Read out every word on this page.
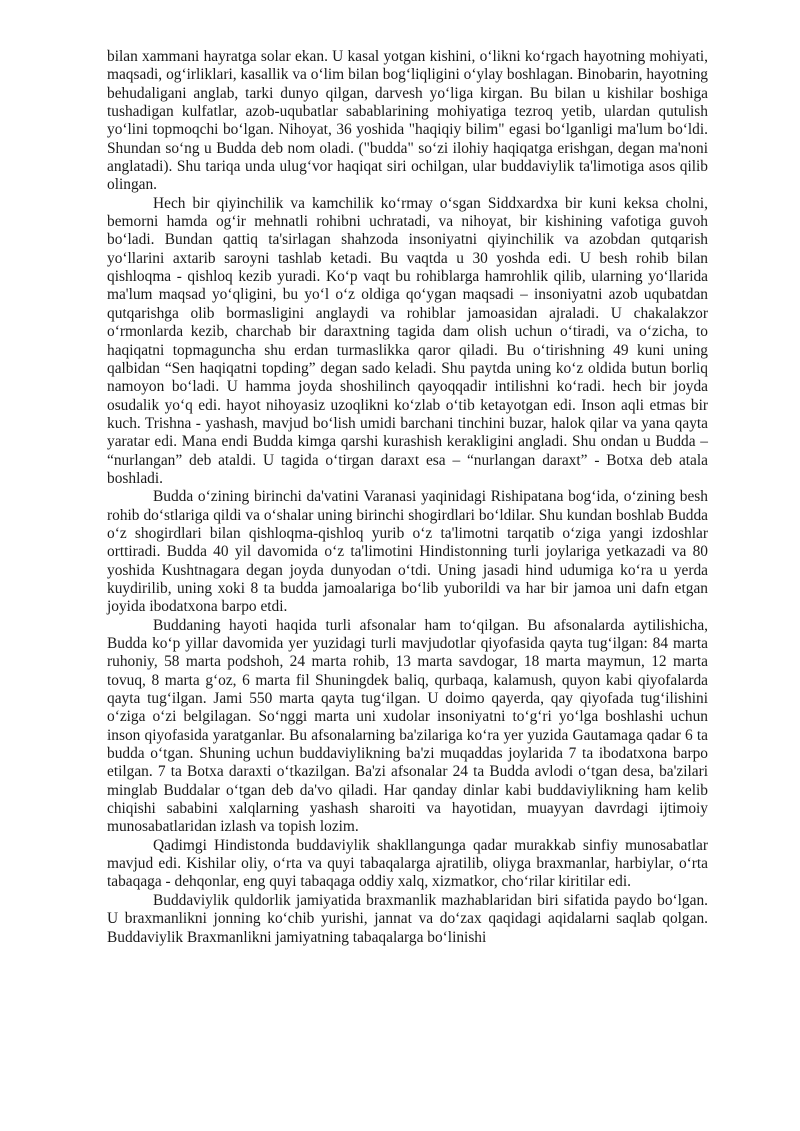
bilan xammani hayratga solar ekan. U kasal yotgan kishini, o‘likni ko‘rgach hayotning mohiyati, maqsadi, og‘irliklari, kasallik va o‘lim bilan bog‘liqligini o‘ylay boshlagan. Binobarin, hayotning behudaligani anglab, tarki dunyo qilgan, darvesh yo‘liga kirgan. Bu bilan u kishilar boshiga tushadigan kulfatlar, azob-uqubatlar sabablarining mohiyatiga tezroq yetib, ulardan qutulish yo‘lini topmoqchi bo‘lgan. Nihoyat, 36 yoshida "haqiqiy bilim" egasi bo‘lganligi ma'lum bo‘ldi. Shundan so‘ng u Budda deb nom oladi. ("budda" so‘zi ilohiy haqiqatga erishgan, degan ma'noni anglatadi). Shu tariqa unda ulug‘vor haqiqat siri ochilgan, ular buddaviylik ta'limotiga asos qilib olingan.

Hech bir qiyinchilik va kamchilik ko‘rmay o‘sgan Siddxardxa bir kuni keksa cholni, bemorni hamda og‘ir mehnatli rohibni uchratadi, va nihoyat, bir kishining vafotiga guvoh bo‘ladi. Bundan qattiq ta'sirlagan shahzoda insoniyatni qiyinchilik va azobdan qutqarish yo‘llarini axtarib saroyni tashlab ketadi. Bu vaqtda u 30 yoshda edi. U besh rohib bilan qishloqma - qishloq kezib yuradi. Ko‘p vaqt bu rohiblarga hamrohlik qilib, ularning yo‘llarida ma'lum maqsad yo‘qligini, bu yo‘l o‘z oldiga qo‘ygan maqsadi – insoniyatni azob uqubatdan qutqarishga olib bormasligini anglaydi va rohiblar jamoasidan ajraladi. U chakalakzor o‘rmonlarda kezib, charchab bir daraxtning tagida dam olish uchun o‘tiradi, va o‘zicha, to haqiqatni topmaguncha shu erdan turmaslikka qaror qiladi. Bu o‘tirishning 49 kuni uning qalbidan “Sen haqiqatni topding” degan sado keladi. Shu paytda uning ko‘z oldida butun borliq namoyon bo‘ladi. U hamma joyda shoshilinch qayoqqadir intilishni ko‘radi. hech bir joyda osudalik yo‘q edi. hayot nihoyasiz uzoqlikni ko‘zlab o‘tib ketayotgan edi. Inson aqli etmas bir kuch. Trishna - yashash, mavjud bo‘lish umidi barchani tinchini buzar, halok qilar va yana qayta yaratar edi. Mana endi Budda kimga qarshi kurashish kerakligini angladi. Shu ondan u Budda – “nurlangan” deb ataldi. U tagida o‘tirgan daraxt esa – “nurlangan daraxt” - Botxa deb atala boshladi.

Budda o‘zining birinchi da'vatini Varanasi yaqinidagi Rishipatana bog‘ida, o‘zining besh rohib do‘stlariga qildi va o‘shalar uning birinchi shogirdlari bo‘ldilar. Shu kundan boshlab Budda o‘z shogirdlari bilan qishloqma-qishloq yurib o‘z ta'limotni tarqatib o‘ziga yangi izdoshlar orttiradi. Budda 40 yil davomida o‘z ta'limotini Hindistonning turli joylariga yetkazadi va 80 yoshida Kushtnagara degan joyda dunyodan o‘tdi. Uning jasadi hind udumiga ko‘ra u yerda kuydirilib, uning xoki 8 ta budda jamoalariga bo‘lib yuborildi va har bir jamoa uni dafn etgan joyida ibodatxona barpo etdi.

Buddaning hayoti haqida turli afsonalar ham to‘qilgan. Bu afsonalarda aytilishicha, Budda ko‘p yillar davomida yer yuzidagi turli mavjudotlar qiyofasida qayta tug‘ilgan: 84 marta ruhoniy, 58 marta podshoh, 24 marta rohib, 13 marta savdogar, 18 marta maymun, 12 marta tovuq, 8 marta g‘oz, 6 marta fil Shuningdek baliq, qurbaqa, kalamush, quyon kabi qiyofalarda qayta tug‘ilgan. Jami 550 marta qayta tug‘ilgan. U doimo qayerda, qay qiyofada tug‘ilishini o‘ziga o‘zi belgilagan. So‘nggi marta uni xudolar insoniyatni to‘g‘ri yo‘lga boshlashi uchun inson qiyofasida yaratganlar. Bu afsonalarning ba'zilariga ko‘ra yer yuzida Gautamaga qadar 6 ta budda o‘tgan. Shuning uchun buddaviylikning ba'zi muqaddas joylarida 7 ta ibodatxona barpo etilgan. 7 ta Botxa daraxti o‘tkazilgan. Ba'zi afsonalar 24 ta Budda avlodi o‘tgan desa, ba'zilari minglab Buddalar o‘tgan deb da'vo qiladi. Har qanday dinlar kabi buddaviylikning ham kelib chiqishi sababini xalqlarning yashash sharoiti va hayotidan, muayyan davrdagi ijtimoiy munosabatlaridan izlash va topish lozim.

Qadimgi Hindistonda buddaviylik shakllangunga qadar murakkab sinfiy munosabatlar mavjud edi. Kishilar oliy, o‘rta va quyi tabaqalarga ajratilib, oliyga braxmanlar, harbiylar, o‘rta tabaqaga - dehqonlar, eng quyi tabaqaga oddiy xalq, xizmatkor, cho‘rilar kiritilar edi.

Buddaviylik quldorlik jamiyatida braxmanlik mazhablaridan biri sifatida paydo bo‘lgan. U braxmanlikni jonning ko‘chib yurishi, jannat va do‘zax qaqidagi aqidalarni saqlab qolgan. Buddaviylik Braxmanlikni jamiyatning tabaqalarga bo‘linishi
